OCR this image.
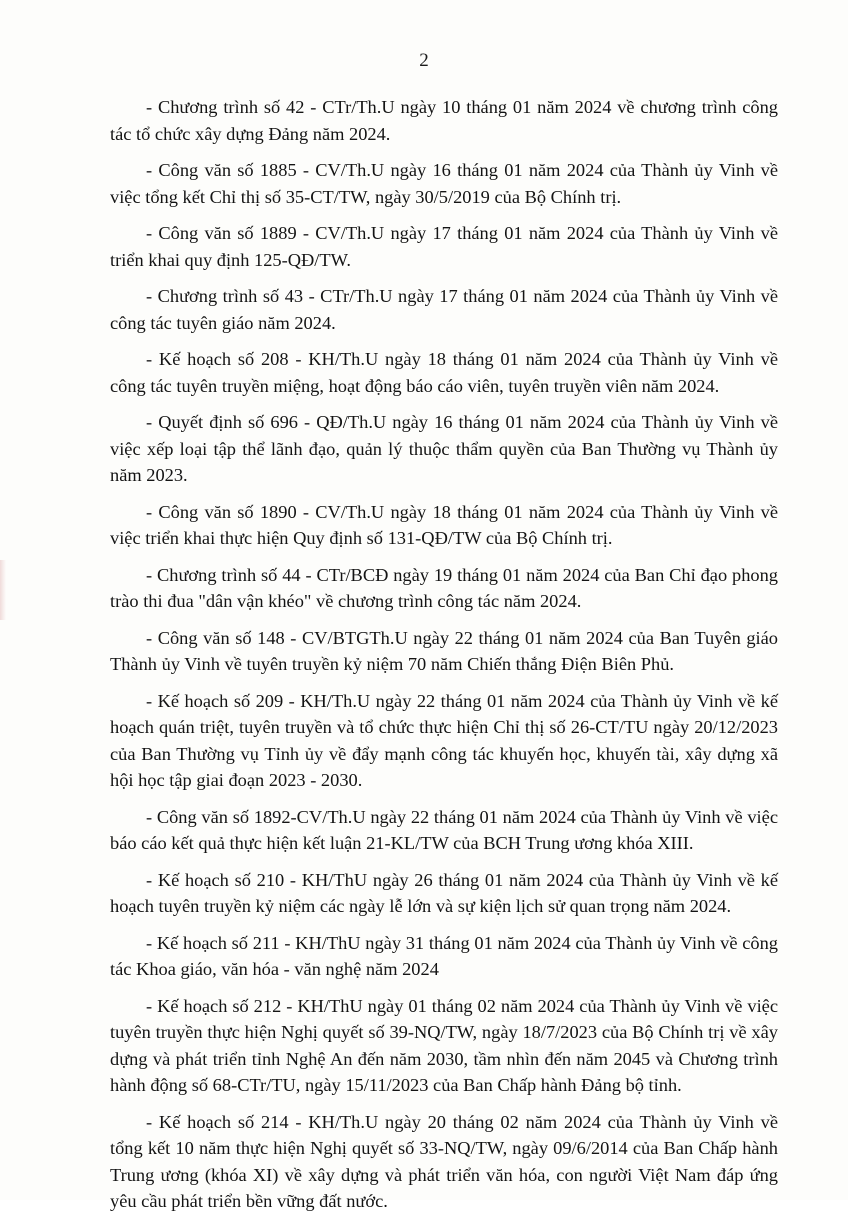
2

- Chương trình số 42 - CTr/Th.U ngày 10 tháng 01 năm 2024 về chương trình công tác tổ chức xây dựng Đảng năm 2024.

- Công văn số 1885 - CV/Th.U ngày 16 tháng 01 năm 2024 của Thành ủy Vinh về việc tổng kết Chỉ thị số 35-CT/TW, ngày 30/5/2019 của Bộ Chính trị.

- Công văn số 1889 - CV/Th.U ngày 17 tháng 01 năm 2024 của Thành ủy Vinh về triển khai quy định 125-QĐ/TW.

- Chương trình số 43 - CTr/Th.U ngày 17 tháng 01 năm 2024 của Thành ủy Vinh về công tác tuyên giáo năm 2024.

- Kế hoạch số 208 - KH/Th.U ngày 18 tháng 01 năm 2024 của Thành ủy Vinh về công tác tuyên truyền miệng, hoạt động báo cáo viên, tuyên truyền viên năm 2024.

- Quyết định số 696 - QĐ/Th.U ngày 16 tháng 01 năm 2024 của Thành ủy Vinh về việc xếp loại tập thể lãnh đạo, quản lý thuộc thẩm quyền của Ban Thường vụ Thành ủy năm 2023.

- Công văn số 1890 - CV/Th.U ngày 18 tháng 01 năm 2024 của Thành ủy Vinh về việc triển khai thực hiện Quy định số 131-QĐ/TW của Bộ Chính trị.

- Chương trình số 44 - CTr/BCĐ ngày 19 tháng 01 năm 2024 của Ban Chỉ đạo phong trào thi đua "dân vận khéo" về chương trình công tác năm 2024.

- Công văn số 148 - CV/BTGTh.U ngày 22 tháng 01 năm 2024 của Ban Tuyên giáo Thành ủy Vinh về tuyên truyền kỷ niệm 70 năm Chiến thắng Điện Biên Phủ.

- Kế hoạch số 209 - KH/Th.U ngày 22 tháng 01 năm 2024 của Thành ủy Vinh về kế hoạch quán triệt, tuyên truyền và tổ chức thực hiện Chỉ thị số 26-CT/TU ngày 20/12/2023 của Ban Thường vụ Tỉnh ủy về đẩy mạnh công tác khuyến học, khuyến tài, xây dựng xã hội học tập giai đoạn 2023 - 2030.

- Công văn số 1892-CV/Th.U ngày 22 tháng 01 năm 2024 của Thành ủy Vinh về việc báo cáo kết quả thực hiện kết luận 21-KL/TW của BCH Trung ương khóa XIII.

- Kế hoạch số 210 - KH/ThU ngày 26 tháng 01 năm 2024 của Thành ủy Vinh về kế hoạch tuyên truyền kỷ niệm các ngày lễ lớn và sự kiện lịch sử quan trọng năm 2024.

- Kế hoạch số 211 - KH/ThU ngày 31 tháng 01 năm 2024 của Thành ủy Vinh về công tác Khoa giáo, văn hóa - văn nghệ năm 2024

- Kế hoạch số 212 - KH/ThU ngày 01 tháng 02 năm 2024 của Thành ủy Vinh về việc tuyên truyền thực hiện Nghị quyết số 39-NQ/TW, ngày 18/7/2023 của Bộ Chính trị về xây dựng và phát triển tỉnh Nghệ An đến năm 2030, tầm nhìn đến năm 2045 và Chương trình hành động số 68-CTr/TU, ngày 15/11/2023 của Ban Chấp hành Đảng bộ tỉnh.

- Kế hoạch số 214 - KH/Th.U ngày 20 tháng 02 năm 2024 của Thành ủy Vinh về tổng kết 10 năm thực hiện Nghị quyết số 33-NQ/TW, ngày 09/6/2014 của Ban Chấp hành Trung ương (khóa XI) về xây dựng và phát triển văn hóa, con người Việt Nam đáp ứng yêu cầu phát triển bền vững đất nước.
